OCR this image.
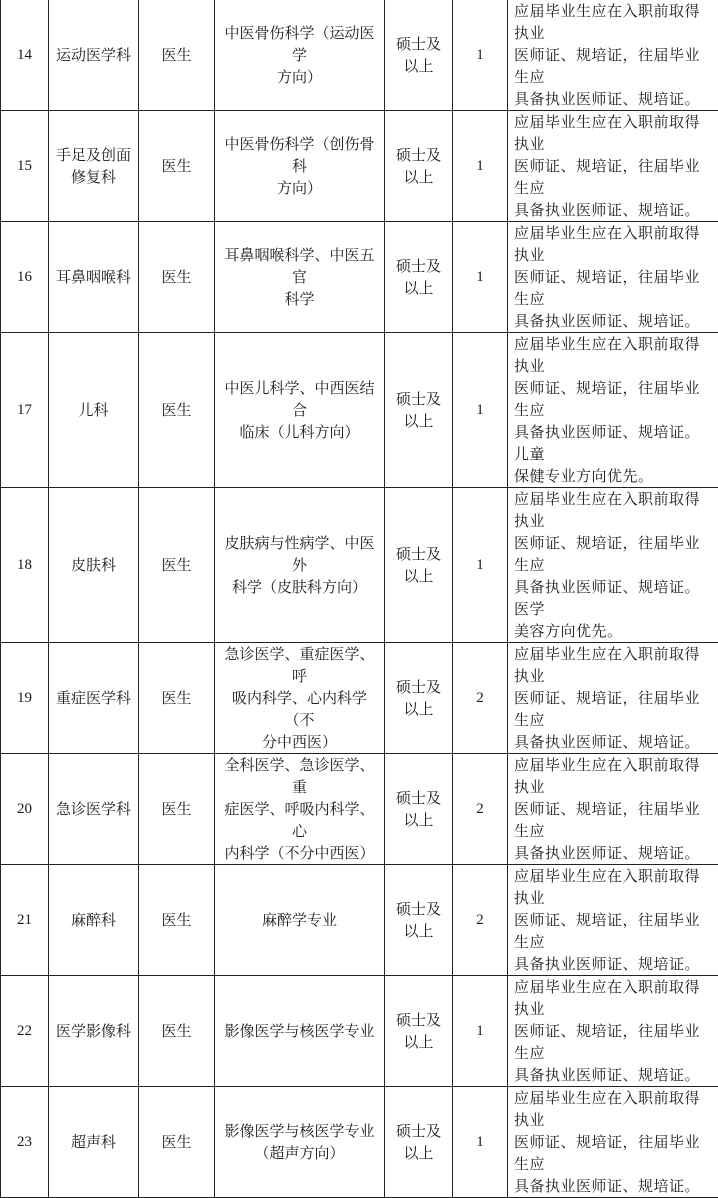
14	运动医学科	医生	中医骨伤科学（运动医学
方向）	硕士及
以上	1	应届毕业生应在入职前取得执业
医师证、规培证，往届毕业生应
具备执业医师证、规培证。
15	手足及创面
修复科	医生	中医骨伤科学（创伤骨科
方向）	硕士及
以上	1	应届毕业生应在入职前取得执业
医师证、规培证，往届毕业生应
具备执业医师证、规培证。
16	耳鼻咽喉科	医生	耳鼻咽喉科学、中医五官
科学	硕士及
以上	1	应届毕业生应在入职前取得执业
医师证、规培证，往届毕业生应
具备执业医师证、规培证。
17	儿科	医生	中医儿科学、中西医结合
临床（儿科方向）	硕士及
以上	1	应届毕业生应在入职前取得执业
医师证、规培证，往届毕业生应
具备执业医师证、规培证。儿童
保健专业方向优先。
18	皮肤科	医生	皮肤病与性病学、中医外
科学（皮肤科方向）	硕士及
以上	1	应届毕业生应在入职前取得执业
医师证、规培证，往届毕业生应
具备执业医师证、规培证。医学
美容方向优先。
19	重症医学科	医生	急诊医学、重症医学、呼
吸内科学、心内科学（不
分中西医）	硕士及
以上	2	应届毕业生应在入职前取得执业
医师证、规培证，往届毕业生应
具备执业医师证、规培证。
20	急诊医学科	医生	全科医学、急诊医学、重
症医学、呼吸内科学、心
内科学（不分中西医）	硕士及
以上	2	应届毕业生应在入职前取得执业
医师证、规培证，往届毕业生应
具备执业医师证、规培证。
21	麻醉科	医生	麻醉学专业	硕士及
以上	2	应届毕业生应在入职前取得执业
医师证、规培证，往届毕业生应
具备执业医师证、规培证。
22	医学影像科	医生	影像医学与核医学专业	硕士及
以上	1	应届毕业生应在入职前取得执业
医师证、规培证，往届毕业生应
具备执业医师证、规培证。
23	超声科	医生	影像医学与核医学专业
（超声方向）	硕士及
以上	1	应届毕业生应在入职前取得执业
医师证、规培证，往届毕业生应
具备执业医师证、规培证。
